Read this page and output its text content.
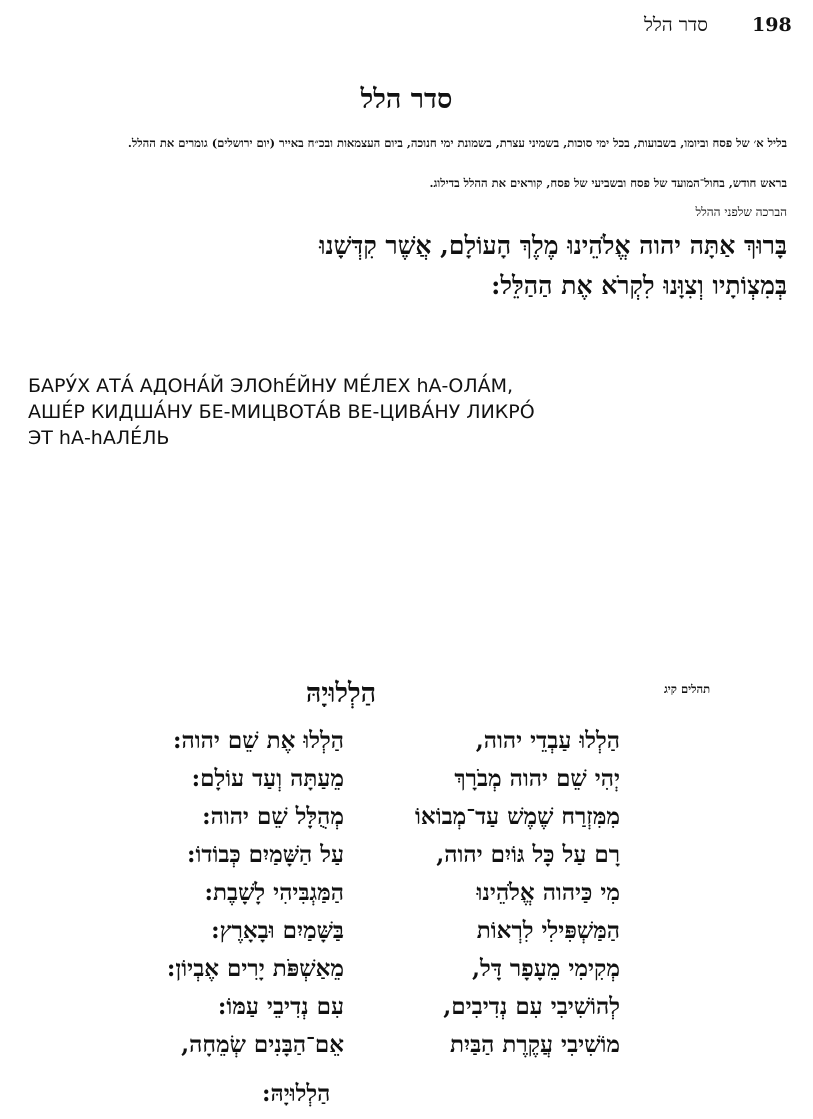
198
סדר הלל
סדר הלל
בליל א׳ של פסח וביומו, בשבועות, בכל ימי סוכות, בשמיני עצרת, בשמונת ימי חנוכה, ביום העצמאות ובכ״ח באייר (יום ירושלים) גומרים את ההלל.
בראש חודש, בחול־המועד של פסח ובשביעי של פסח, קוראים את ההלל בדילוג.
הברכה שלפני ההלל
בָּרוּךְ אַתָּה יהוה אֱלֹהֵינוּ מֶלֶךְ הָעוֹלָם, אֲשֶׁר קִדְּשָׁנוּ
בְּמִצְוֹתָיו וְצִוָּנוּ לִקְרֹא אֶת הַהַלֵּל:
БАРУ́Х АТА́ АДОНА́Й ЭЛОhЕ́ЙНУ МЕ́ЛЕХ hА-ОЛА́М,
АШЕ́Р КИДША́НУ БЕ-МИЦВОТА́В ВЕ-ЦИВА́НУ ЛИКРО́
ЭТ hА-hАЛЕ́ЛЬ
תהלים קיג
הַלְלוּיָהּ
הַלְלוּ עַבְדֵי יהוה,
הַלְלוּ אֶת שֵׁם יהוה:
יְהִי שֵׁם יהוה מְבֹרָךְ
מֵעַתָּה וְעַד עוֹלָם:
מִמִּזְרַח שֶׁמֶשׁ עַד־מְבוֹאוֹ
מְהֻלָּל שֵׁם יהוה:
רָם עַל כָּל גּוֹיִם יהוה,
עַל הַשָּׁמַיִם כְּבוֹדוֹ:
מִי כַּיהוה אֱלֹהֵינוּ
הַמַּגְבִּיהִי לָשָׁבֶת:
הַמַּשְׁפִּילִי לִרְאוֹת
בַּשָּׁמַיִם וּבָאָרֶץ:
מְקִימִי מֵעָפָר דָּל,
מֵאַשְׁפֹּת יָרִים אֶבְיוֹן:
לְהוֹשִׁיבִי עִם נְדִיבִים,
עִם נְדִיבֵי עַמּוֹ:
מוֹשִׁיבִי עֲקֶרֶת הַבַּיִת
אֵם־הַבָּנִים שְׂמֵחָה,
הַלְלוּיָהּ:
